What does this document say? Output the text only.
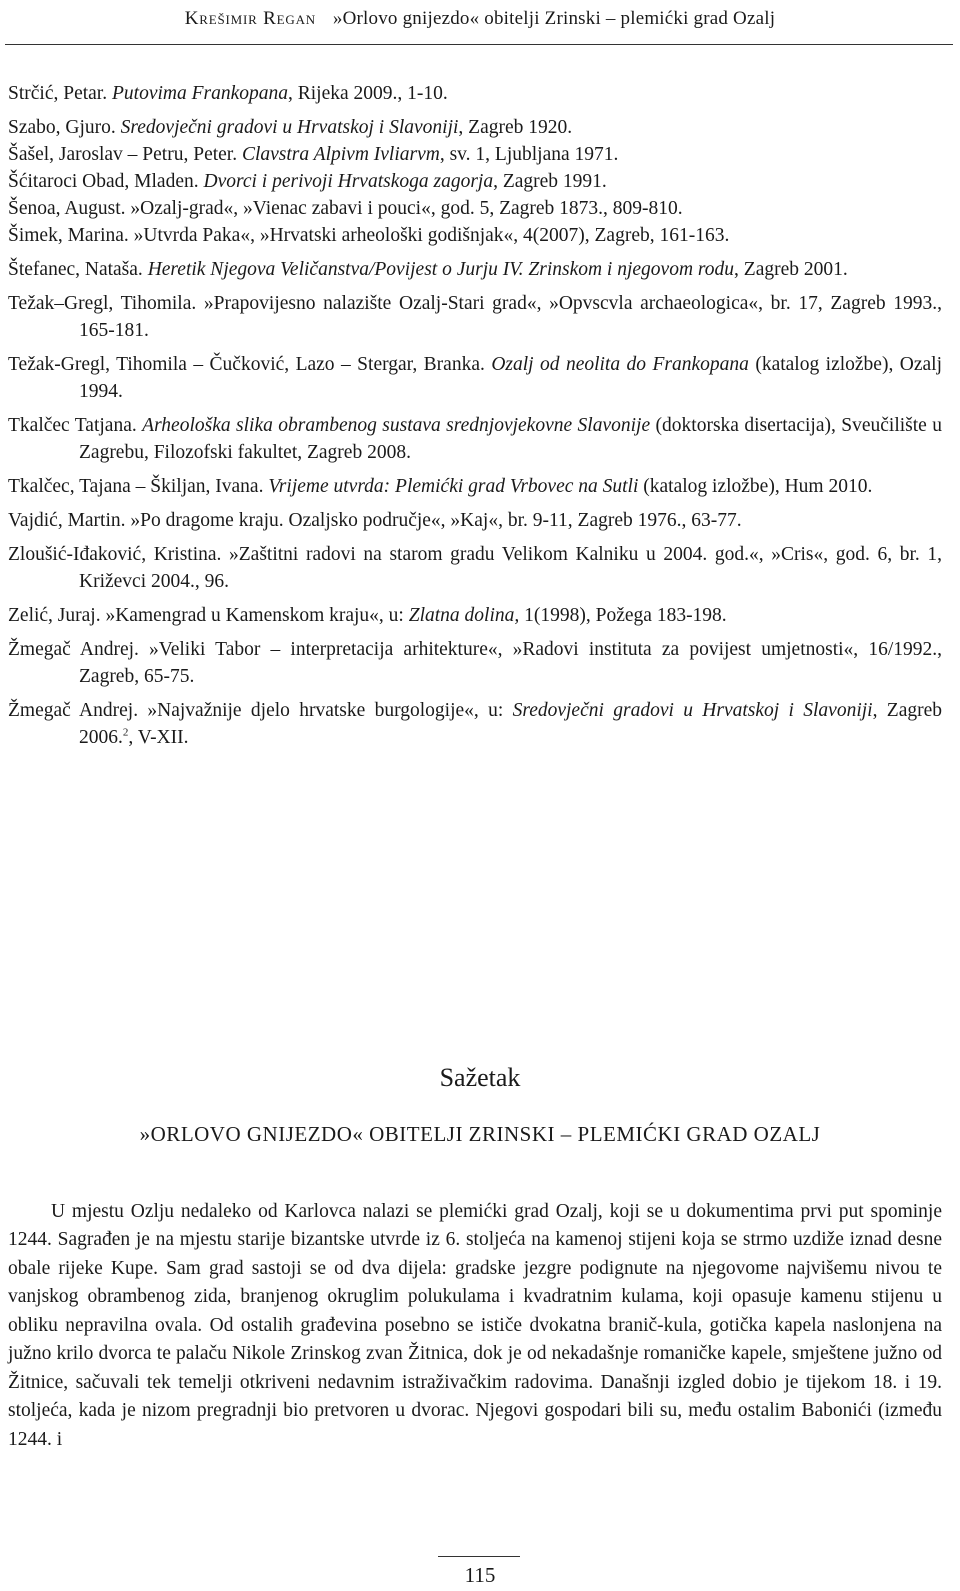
Krešimir Regan »Orlovo gnijezdo« obitelji Zrinski – plemićki grad Ozalj

Strčić, Petar. Putovima Frankopana, Rijeka 2009., 1-10.

Szabo, Gjuro. Sredovječni gradovi u Hrvatskoj i Slavoniji, Zagreb 1920.

Šašel, Jaroslav – Petru, Peter. Clavstra Alpivm Ivliarvm, sv. 1, Ljubljana 1971.

Šćitaroci Obad, Mladen. Dvorci i perivoji Hrvatskoga zagorja, Zagreb 1991.

Šenoa, August. »Ozalj-grad«, »Vienac zabavi i pouci«, god. 5, Zagreb 1873., 809-810.

Šimek, Marina. »Utvrda Paka«, »Hrvatski arheološki godišnjak«, 4(2007), Zagreb, 161-163.

Štefanec, Nataša. Heretik Njegova Veličanstva/Povijest o Jurju IV. Zrinskom i njegovom rodu, Zagreb 2001.

Težak–Gregl, Tihomila. »Prapovijesno nalazište Ozalj-Stari grad«, »Opvscvla archaeologica«, br. 17, Zagreb 1993., 165-181.

Težak-Gregl, Tihomila – Čučković, Lazo – Stergar, Branka. Ozalj od neolita do Frankopana (katalog izložbe), Ozalj 1994.

Tkalčec Tatjana. Arheološka slika obrambenog sustava srednjovjekovne Slavonije (doktorska disertacija), Sveučilište u Zagrebu, Filozofski fakultet, Zagreb 2008.

Tkalčec, Tajana – Škiljan, Ivana. Vrijeme utvrda: Plemićki grad Vrbovec na Sutli (katalog izložbe), Hum 2010.

Vajdić, Martin. »Po dragome kraju. Ozaljsko područje«, »Kaj«, br. 9-11, Zagreb 1976., 63-77.

Zloušić-Iđaković, Kristina. »Zaštitni radovi na starom gradu Velikom Kalniku u 2004. god.«, »Cris«, god. 6, br. 1, Križevci 2004., 96.

Zelić, Juraj. »Kamengrad u Kamenskom kraju«, u: Zlatna dolina, 1(1998), Požega 183-198.

Žmegač Andrej. »Veliki Tabor – interpretacija arhitekture«, »Radovi instituta za povijest umjetnosti«, 16/1992., Zagreb, 65-75.

Žmegač Andrej. »Najvažnije djelo hrvatske burgologije«, u: Sredovječni gradovi u Hrvatskoj i Slavoniji, Zagreb 2006.$^2$, V-XII.

Sažetak
»ORLOVO GNIJEZDO« OBITELJI ZRINSKI – PLEMIĆKI GRAD OZALJ

U mjestu Ozlju nedaleko od Karlovca nalazi se plemićki grad Ozalj, koji se u dokumentima prvi put spominje 1244. Sagrađen je na mjestu starije bizantske utvrde iz 6. stoljeća na kamenoj stijeni koja se strmo uzdiže iznad desne obale rijeke Kupe. Sam grad sastoji se od dva dijela: gradske jezgre podignute na njegovome najvišemu nivou te vanjskog obrambenog zida, branjenog okruglim polukulama i kvadratnim kulama, koji opasuje kamenu stijenu u obliku nepravilna ovala. Od ostalih građevina posebno se ističe dvokatna branič-kula, gotička kapela naslonjena na južno krilo dvorca te palaču Nikole Zrinskog zvan Žitnica, dok je od nekadašnje romaničke kapele, smještene južno od Žitnice, sačuvali tek temelji otkriveni nedavnim istraživačkim radovima. Današnji izgled dobio je tijekom 18. i 19. stoljeća, kada je nizom pregradnji bio pretvoren u dvorac. Njegovi gospodari bili su, među ostalim Babonići (između 1244. i

115
